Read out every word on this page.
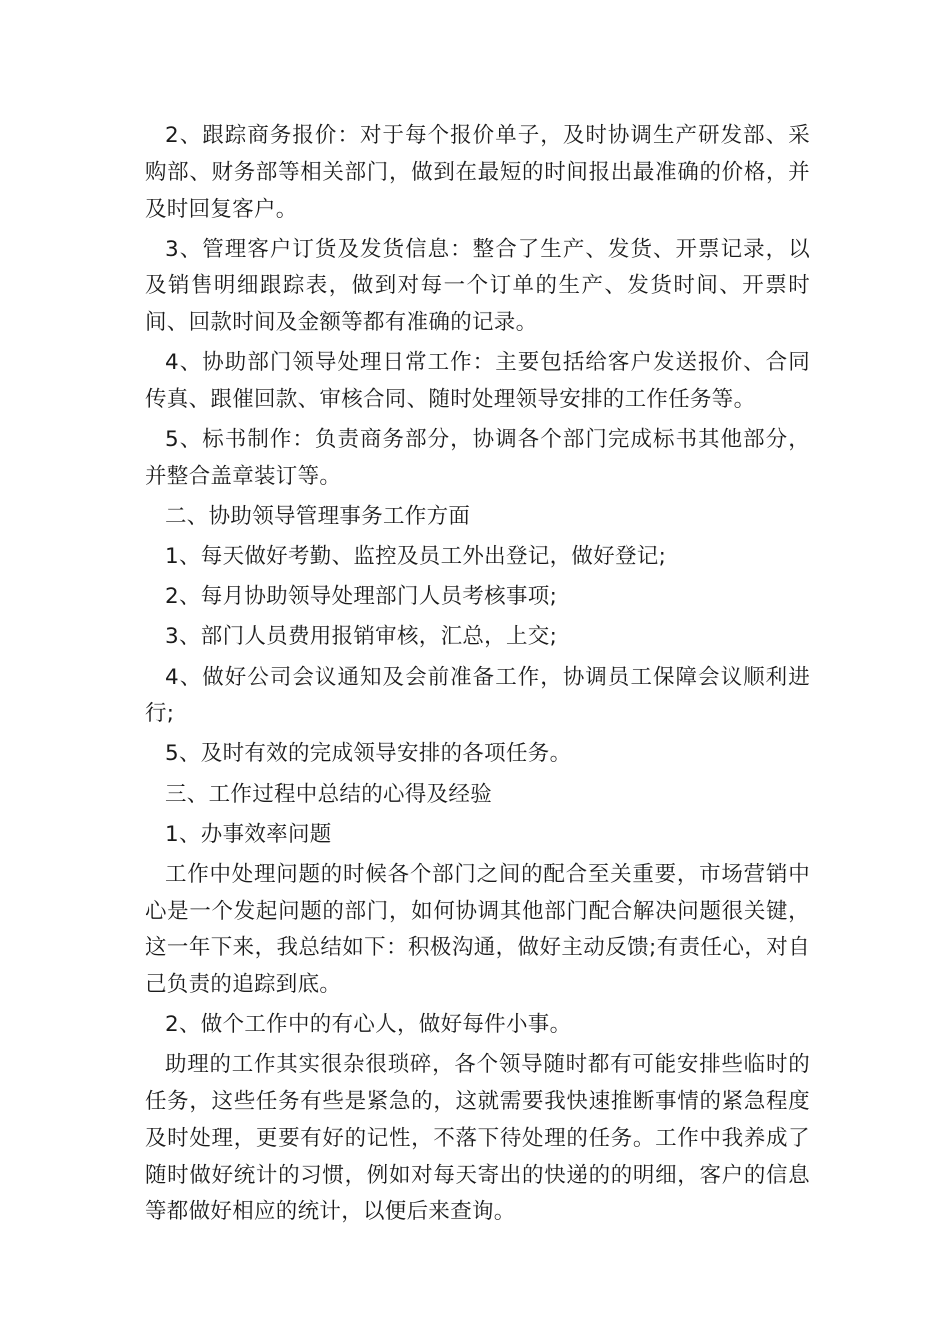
2、跟踪商务报价：对于每个报价单子，及时协调生产研发部、采购部、财务部等相关部门，做到在最短的时间报出最准确的价格，并及时回复客户。

3、管理客户订货及发货信息：整合了生产、发货、开票记录，以及销售明细跟踪表，做到对每一个订单的生产、发货时间、开票时间、回款时间及金额等都有准确的记录。

4、协助部门领导处理日常工作：主要包括给客户发送报价、合同传真、跟催回款、审核合同、随时处理领导安排的工作任务等。

5、标书制作：负责商务部分，协调各个部门完成标书其他部分，并整合盖章装订等。

二、协助领导管理事务工作方面

1、每天做好考勤、监控及员工外出登记，做好登记;

2、每月协助领导处理部门人员考核事项;

3、部门人员费用报销审核，汇总，上交;

4、做好公司会议通知及会前准备工作，协调员工保障会议顺利进行;

5、及时有效的完成领导安排的各项任务。

三、工作过程中总结的心得及经验

1、办事效率问题

工作中处理问题的时候各个部门之间的配合至关重要，市场营销中心是一个发起问题的部门，如何协调其他部门配合解决问题很关键，这一年下来，我总结如下：积极沟通，做好主动反馈;有责任心，对自己负责的追踪到底。

2、做个工作中的有心人，做好每件小事。

助理的工作其实很杂很琐碎，各个领导随时都有可能安排些临时的任务，这些任务有些是紧急的，这就需要我快速推断事情的紧急程度及时处理，更要有好的记性，不落下待处理的任务。工作中我养成了随时做好统计的习惯，例如对每天寄出的快递的的明细，客户的信息等都做好相应的统计，以便后来查询。
